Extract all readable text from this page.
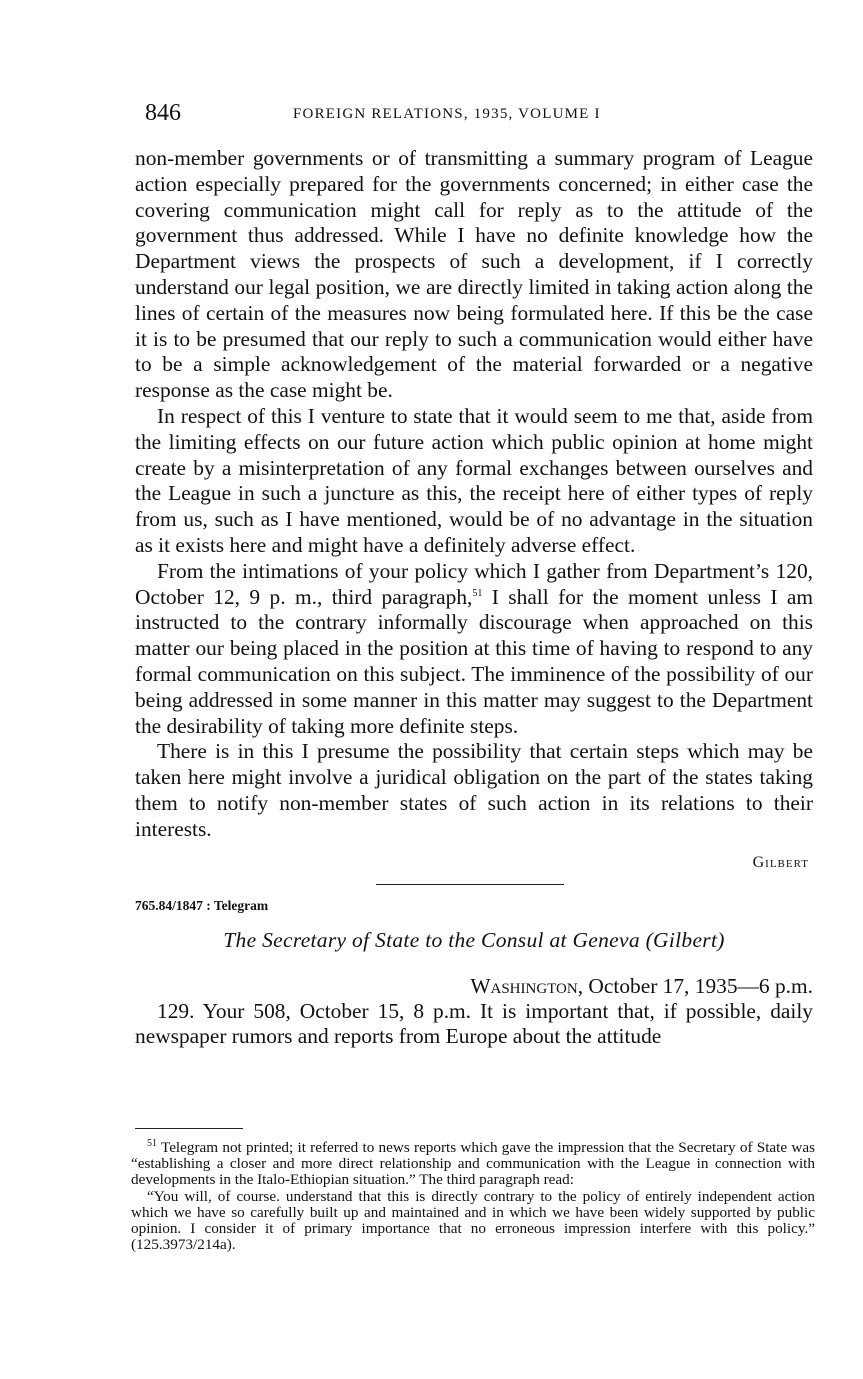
846	FOREIGN RELATIONS, 1935, VOLUME I

non-member governments or of transmitting a summary program of League action especially prepared for the governments concerned; in either case the covering communication might call for reply as to the attitude of the government thus addressed. While I have no definite knowledge how the Department views the prospects of such a development, if I correctly understand our legal position, we are directly limited in taking action along the lines of certain of the measures now being formulated here. If this be the case it is to be presumed that our reply to such a communication would either have to be a simple acknowledgement of the material forwarded or a negative response as the case might be.

In respect of this I venture to state that it would seem to me that, aside from the limiting effects on our future action which public opinion at home might create by a misinterpretation of any formal exchanges between ourselves and the League in such a juncture as this, the receipt here of either types of reply from us, such as I have mentioned, would be of no advantage in the situation as it exists here and might have a definitely adverse effect.

From the intimations of your policy which I gather from Department’s 120, October 12, 9 p. m., third paragraph,$^{51}$ I shall for the moment unless I am instructed to the contrary informally discourage when approached on this matter our being placed in the position at this time of having to respond to any formal communication on this subject. The imminence of the possibility of our being addressed in some manner in this matter may suggest to the Department the desirability of taking more definite steps.

There is in this I presume the possibility that certain steps which may be taken here might involve a juridical obligation on the part of the states taking them to notify non-member states of such action in its relations to their interests.

Gilbert
765.84/1847 : Telegram
The Secretary of State to the Consul at Geneva (Gilbert)
Washington, October 17, 1935—6 p.m.

129. Your 508, October 15, 8 p.m. It is important that, if possible, daily newspaper rumors and reports from Europe about the attitude

$^{51}$ Telegram not printed; it referred to news reports which gave the impression that the Secretary of State was “establishing a closer and more direct relationship and communication with the League in connection with developments in the Italo-Ethiopian situation.” The third paragraph read:

“You will, of course. understand that this is directly contrary to the policy of entirely independent action which we have so carefully built up and maintained and in which we have been widely supported by public opinion. I consider it of primary importance that no erroneous impression interfere with this policy.” (125.3973/214a).
